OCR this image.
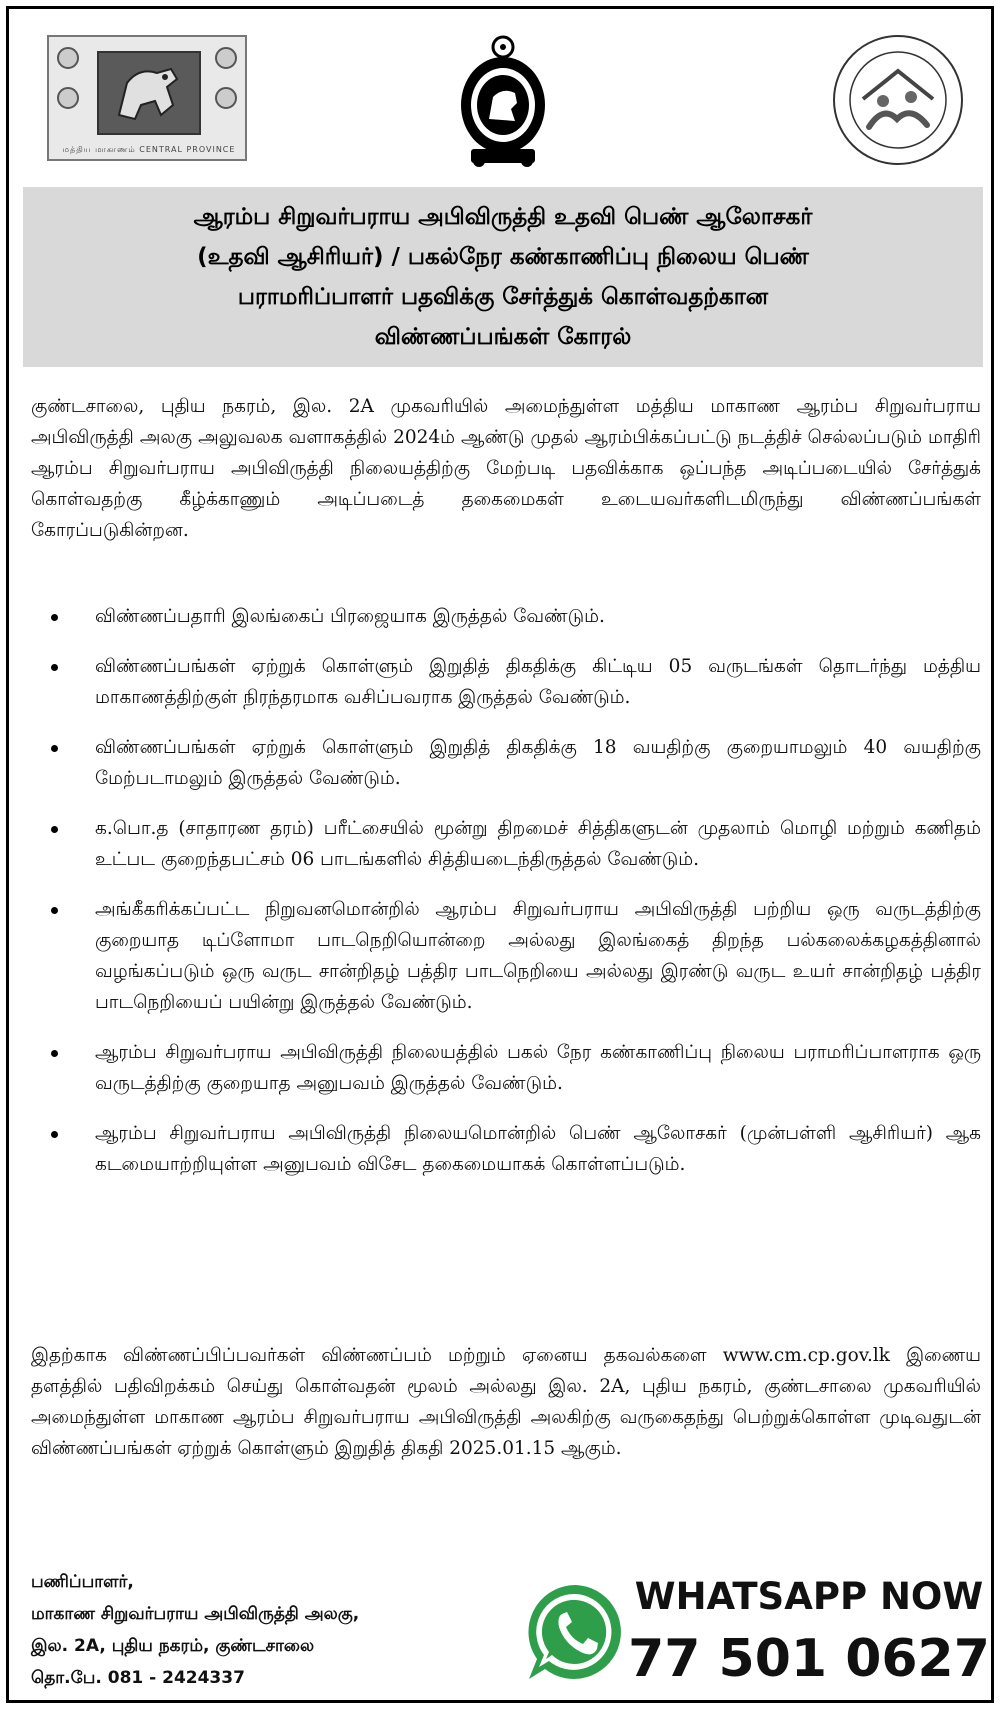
மத்திய மாகாணம் CENTRAL PROVINCE
ஆரம்ப சிறுவர்பராய அபிவிருத்தி உதவி பெண் ஆலோசகர்
(உதவி ஆசிரியர்) / பகல்நேர கண்காணிப்பு நிலைய பெண்
பராமரிப்பாளர் பதவிக்கு சேர்த்துக் கொள்வதற்கான
விண்ணப்பங்கள் கோரல்

குண்டசாலை, புதிய நகரம், இல. 2A முகவரியில் அமைந்துள்ள மத்திய மாகாண ஆரம்ப சிறுவர்பராய அபிவிருத்தி அலகு அலுவலக வளாகத்தில் 2024ம் ஆண்டு முதல் ஆரம்பிக்கப்பட்டு நடத்திச் செல்லப்படும் மாதிரி ஆரம்ப சிறுவர்பராய அபிவிருத்தி நிலையத்திற்கு மேற்படி பதவிக்காக ஒப்பந்த அடிப்படையில் சேர்த்துக் கொள்வதற்கு கீழ்க்காணும் அடிப்படைத் தகைமைகள் உடையவர்களிடமிருந்து விண்ணப்பங்கள் கோரப்படுகின்றன.

விண்ணப்பதாரி இலங்கைப் பிரஜையாக இருத்தல் வேண்டும்.
விண்ணப்பங்கள் ஏற்றுக் கொள்ளும் இறுதித் திகதிக்கு கிட்டிய 05 வருடங்கள் தொடர்ந்து மத்திய மாகாணத்திற்குள் நிரந்தரமாக வசிப்பவராக இருத்தல் வேண்டும்.
விண்ணப்பங்கள் ஏற்றுக் கொள்ளும் இறுதித் திகதிக்கு 18 வயதிற்கு குறையாமலும் 40 வயதிற்கு மேற்படாமலும் இருத்தல் வேண்டும்.
க.பொ.த (சாதாரண தரம்) பரீட்சையில் மூன்று திறமைச் சித்திகளுடன் முதலாம் மொழி மற்றும் கணிதம் உட்பட குறைந்தபட்சம் 06 பாடங்களில் சித்தியடைந்திருத்தல் வேண்டும்.
அங்கீகரிக்கப்பட்ட நிறுவனமொன்றில் ஆரம்ப சிறுவர்பராய அபிவிருத்தி பற்றிய ஒரு வருடத்திற்கு குறையாத டிப்ளோமா பாடநெறியொன்றை அல்லது இலங்கைத் திறந்த பல்கலைக்கழகத்தினால் வழங்கப்படும் ஒரு வருட சான்றிதழ் பத்திர பாடநெறியை அல்லது இரண்டு வருட உயர் சான்றிதழ் பத்திர பாடநெறியைப் பயின்று இருத்தல் வேண்டும்.
ஆரம்ப சிறுவர்பராய அபிவிருத்தி நிலையத்தில் பகல் நேர கண்காணிப்பு நிலைய பராமரிப்பாளராக ஒரு வருடத்திற்கு குறையாத அனுபவம் இருத்தல் வேண்டும்.
ஆரம்ப சிறுவர்பராய அபிவிருத்தி நிலையமொன்றில் பெண் ஆலோசகர் (முன்பள்ளி ஆசிரியர்) ஆக கடமையாற்றியுள்ள அனுபவம் விசேட தகைமையாகக் கொள்ளப்படும்.

இதற்காக விண்ணப்பிப்பவர்கள் விண்ணப்பம் மற்றும் ஏனைய தகவல்களை www.cm.cp.gov.lk இணைய தளத்தில் பதிவிறக்கம் செய்து கொள்வதன் மூலம் அல்லது இல. 2A, புதிய நகரம், குண்டசாலை முகவரியில் அமைந்துள்ள மாகாண ஆரம்ப சிறுவர்பராய அபிவிருத்தி அலகிற்கு வருகைதந்து பெற்றுக்கொள்ள முடிவதுடன் விண்ணப்பங்கள் ஏற்றுக் கொள்ளும் இறுதித் திகதி 2025.01.15 ஆகும்.

பணிப்பாளர்,
மாகாண சிறுவர்பராய அபிவிருத்தி அலகு,
இல. 2A, புதிய நகரம், குண்டசாலை
தொ.பே. 081 - 2424337
WHATSAPP NOW
77 501 0627
